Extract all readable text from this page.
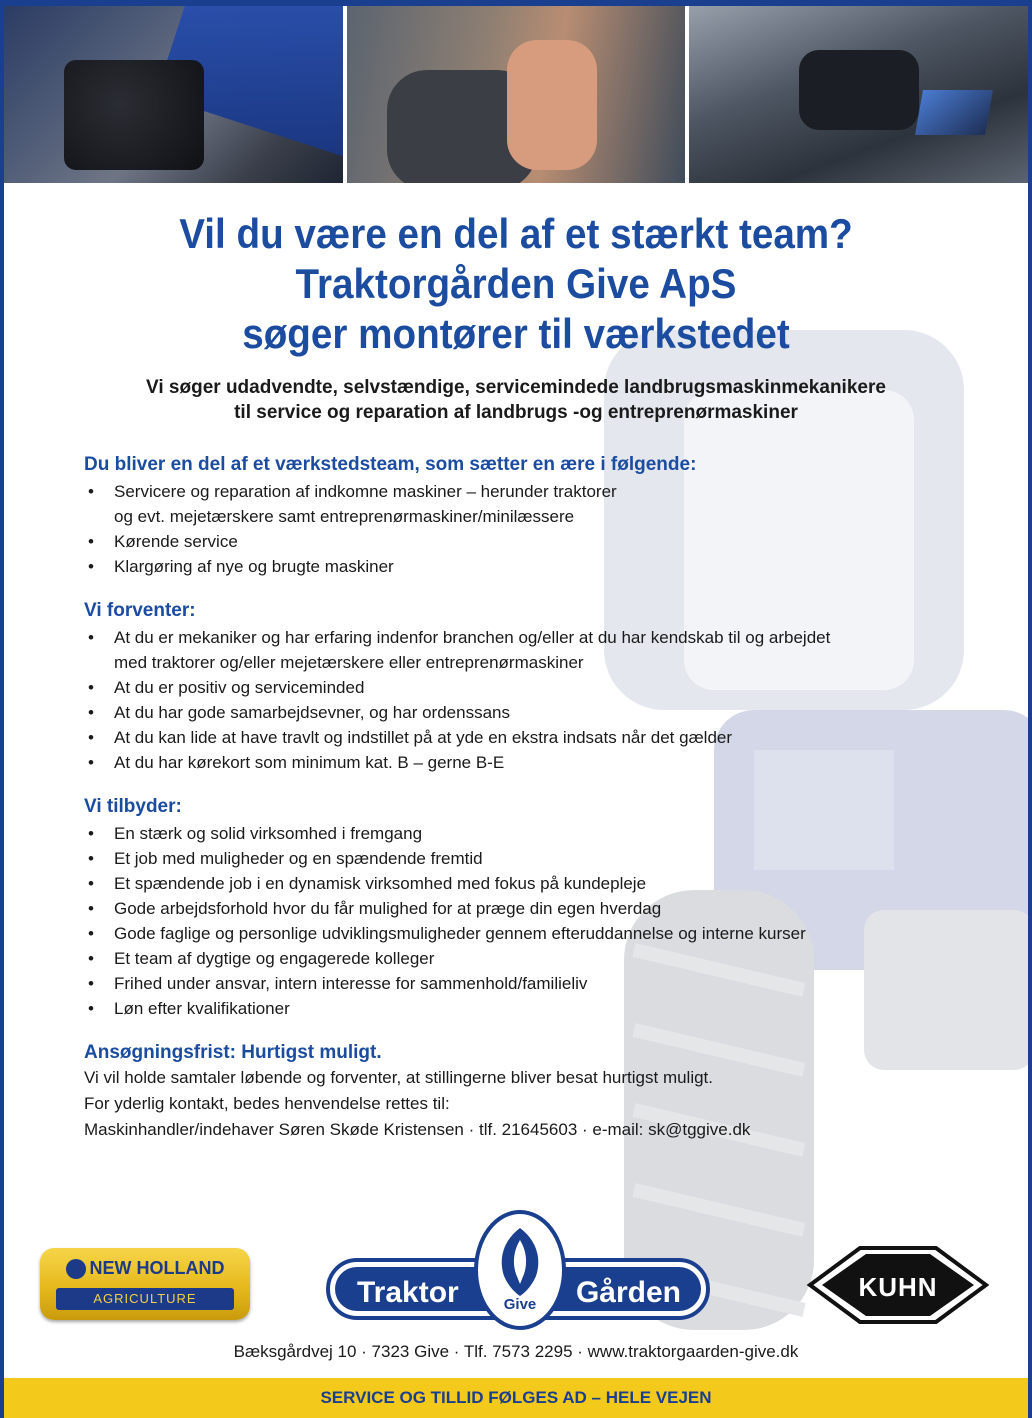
Vil du være en del af et stærkt team?
Traktorgården Give ApS
søger montører til værkstedet
Vi søger udadvendte, selvstændige, servicemindede landbrugsmaskinmekanikere
til service og reparation af landbrugs -og entreprenørmaskiner
Du bliver en del af et værkstedsteam, som sætter en ære i følgende:
• Servicere og reparation af indkomne maskiner – herunder traktorer
og evt. mejetærskere samt entreprenørmaskiner/minilæssere
• Kørende service
• Klargøring af nye og brugte maskiner
Vi forventer:
• At du er mekaniker og har erfaring indenfor branchen og/eller at du har kendskab til og arbejdet
med traktorer og/eller mejetærskere eller entreprenørmaskiner
• At du er positiv og serviceminded
• At du har gode samarbejdsevner, og har ordenssans
• At du kan lide at have travlt og indstillet på at yde en ekstra indsats når det gælder
• At du har kørekort som minimum kat. B – gerne B-E
Vi tilbyder:
• En stærk og solid virksomhed i fremgang
• Et job med muligheder og en spændende fremtid
• Et spændende job i en dynamisk virksomhed med fokus på kundepleje
• Gode arbejdsforhold hvor du får mulighed for at præge din egen hverdag
• Gode faglige og personlige udviklingsmuligheder gennem efteruddannelse og interne kurser
• Et team af dygtige og engagerede kolleger
• Frihed under ansvar, intern interesse for sammenhold/familieliv
• Løn efter kvalifikationer
Ansøgningsfrist: Hurtigst muligt.
Vi vil holde samtaler løbende og forventer, at stillingerne bliver besat hurtigst muligt.
For yderlig kontakt, bedes henvendelse rettes til:
Maskinhandler/indehaver Søren Skøde Kristensen · tlf. 21645603 · e-mail: sk@tggive.dk
NEW HOLLAND
AGRICULTURE	Traktor	Gården
Give
KUHN
Bæksgårdvej 10 · 7323 Give · Tlf. 7573 2295 · www.traktorgaarden-give.dk
SERVICE OG TILLID FØLGES AD – HELE VEJEN
